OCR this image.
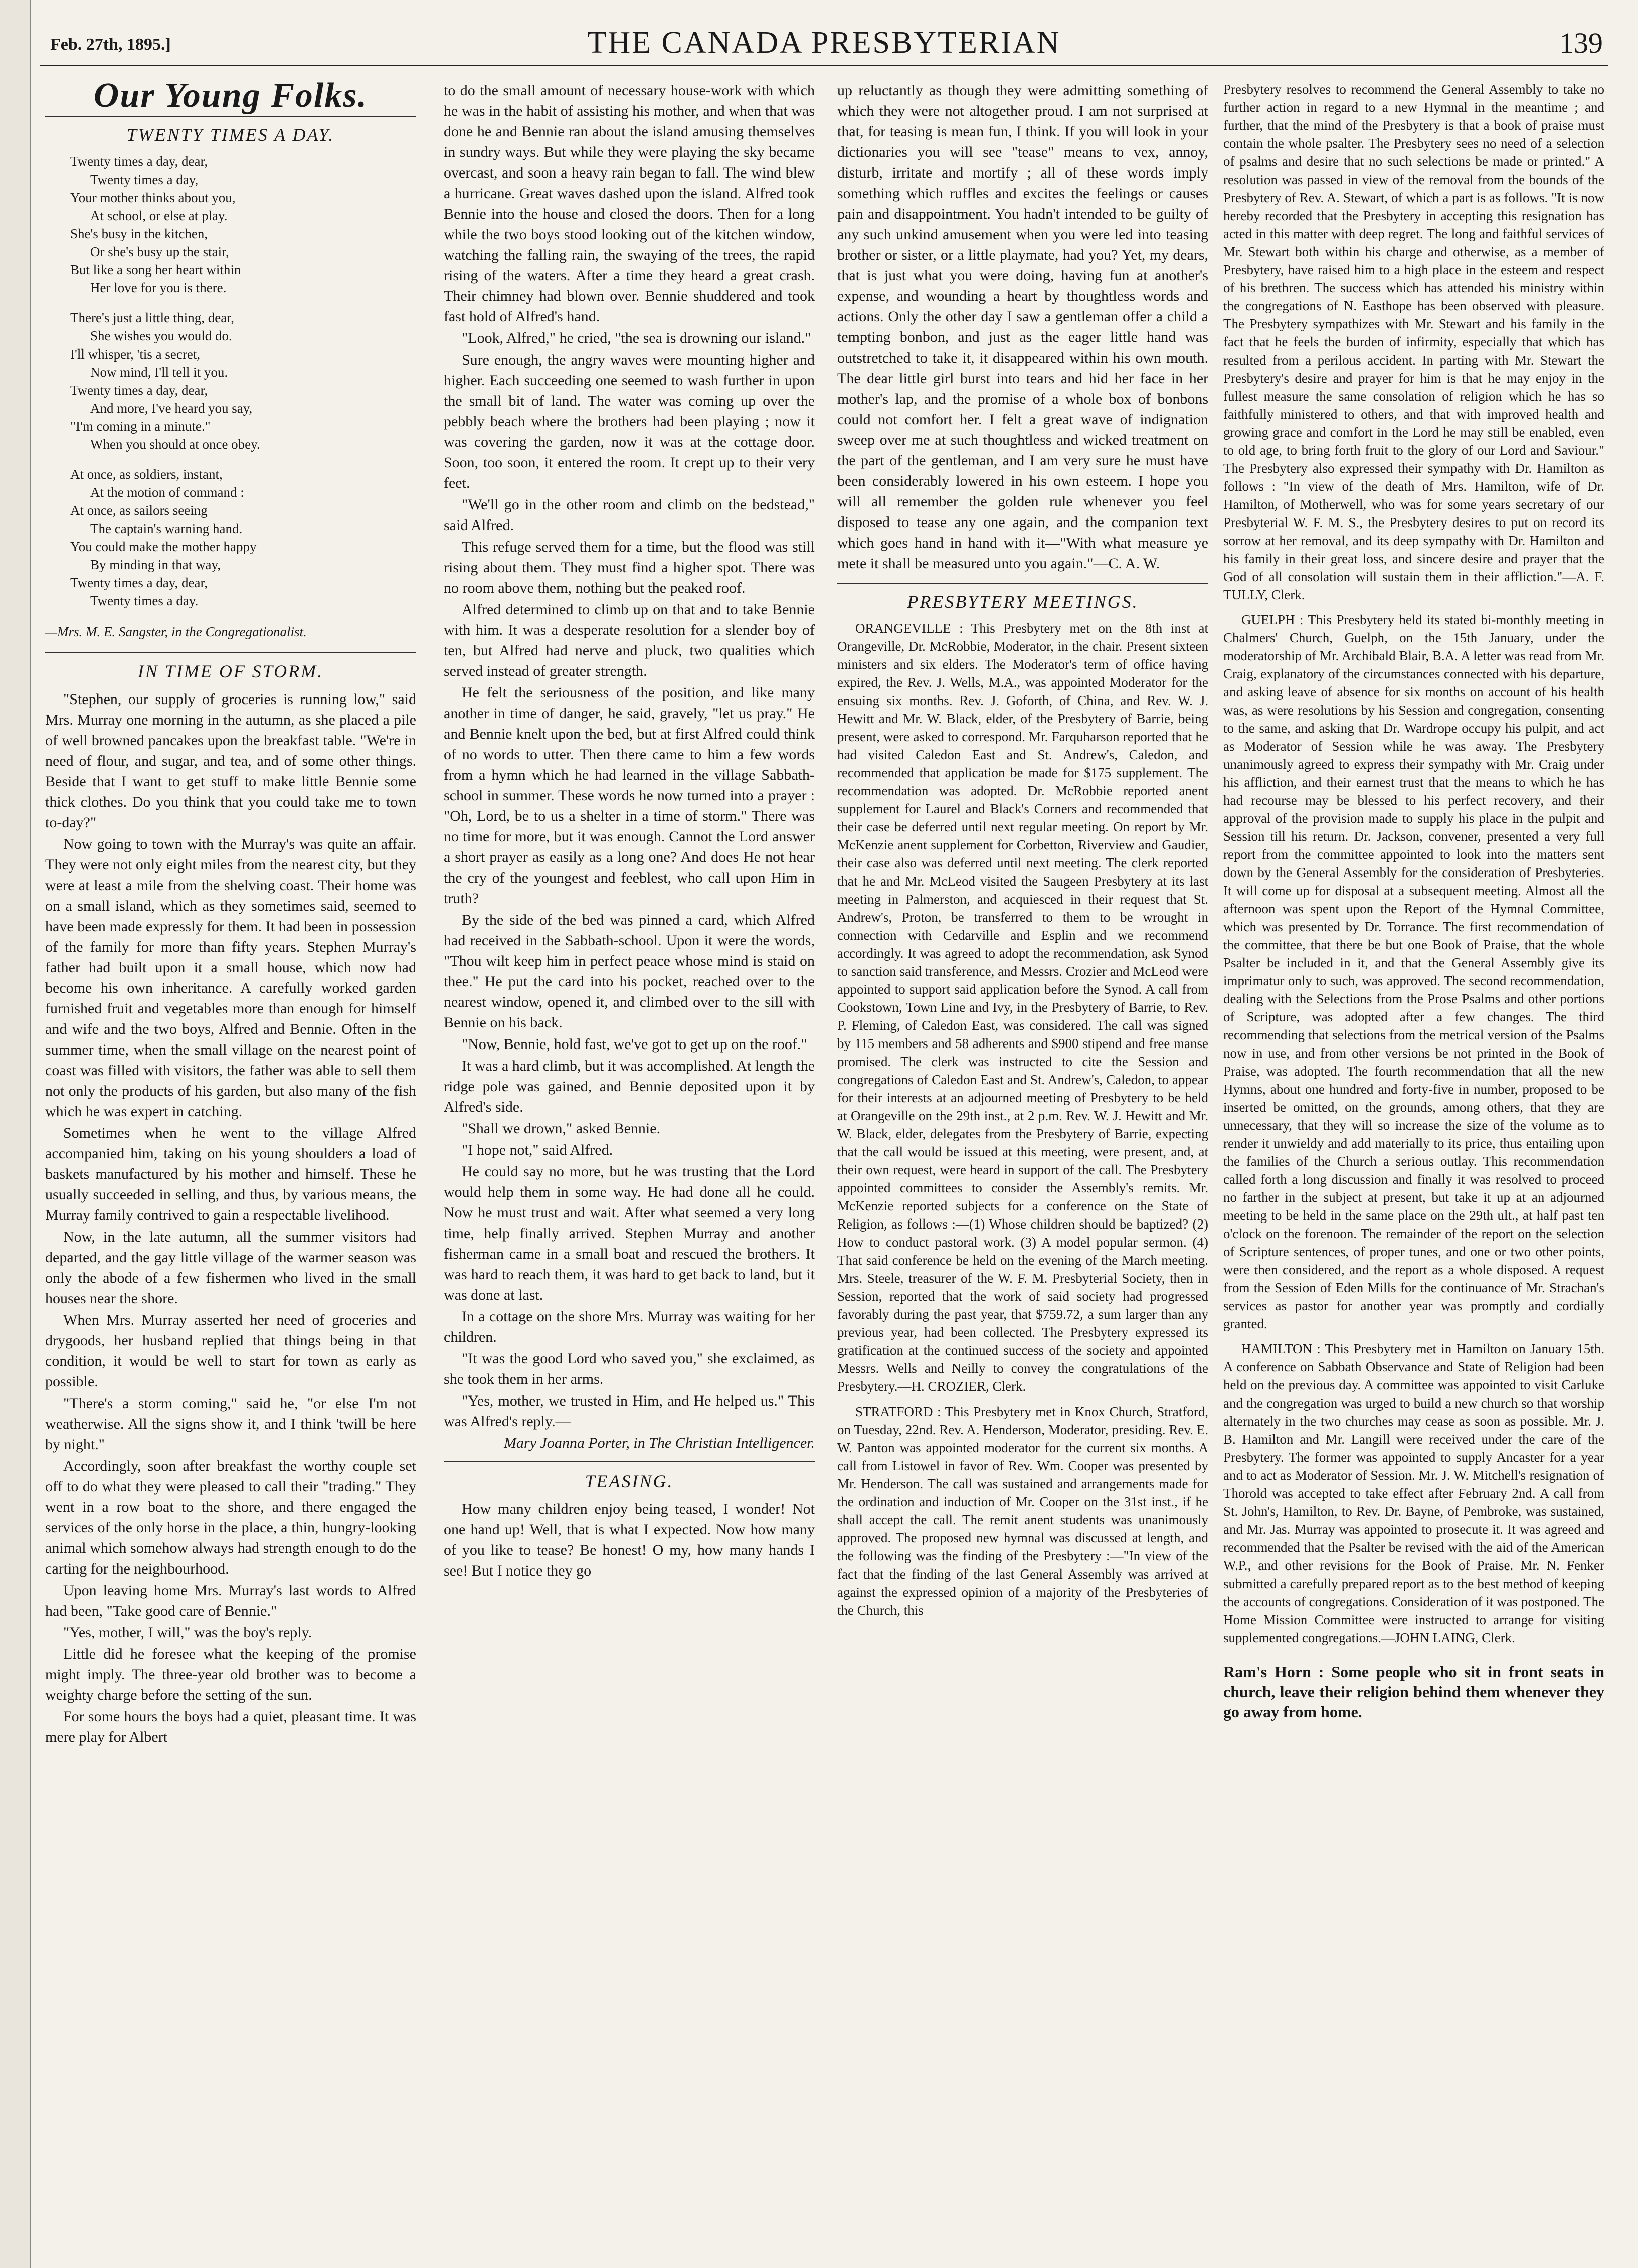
Feb. 27th, 1895.]	THE CANADA PRESBYTERIAN	139
Our Young Folks.
TWENTY TIMES A DAY.
Twenty times a day, dear,
Twenty times a day,
Your mother thinks about you,
At school, or else at play.
She's busy in the kitchen,
Or she's busy up the stair,
But like a song her heart within
Her love for you is there.
There's just a little thing, dear,
She wishes you would do.
I'll whisper, 'tis a secret,
Now mind, I'll tell it you.
Twenty times a day, dear,
And more, I've heard you say,
"I'm coming in a minute."
When you should at once obey.
At once, as soldiers, instant,
At the motion of command :
At once, as sailors seeing
The captain's warning hand.
You could make the mother happy
By minding in that way,
Twenty times a day, dear,
Twenty times a day.
—Mrs. M. E. Sangster, in the Congregationalist.
IN TIME OF STORM.

"Stephen, our supply of groceries is running low," said Mrs. Murray one morning in the autumn, as she placed a pile of well browned pancakes upon the breakfast table. "We're in need of flour, and sugar, and tea, and of some other things. Beside that I want to get stuff to make little Bennie some thick clothes. Do you think that you could take me to town to-day?"

Now going to town with the Murray's was quite an affair. They were not only eight miles from the nearest city, but they were at least a mile from the shelving coast. Their home was on a small island, which as they sometimes said, seemed to have been made expressly for them. It had been in possession of the family for more than fifty years. Stephen Murray's father had built upon it a small house, which now had become his own inheritance. A carefully worked garden furnished fruit and vegetables more than enough for himself and wife and the two boys, Alfred and Bennie. Often in the summer time, when the small village on the nearest point of coast was filled with visitors, the father was able to sell them not only the products of his garden, but also many of the fish which he was expert in catching.

Sometimes when he went to the village Alfred accompanied him, taking on his young shoulders a load of baskets manufactured by his mother and himself. These he usually succeeded in selling, and thus, by various means, the Murray family contrived to gain a respectable livelihood.

Now, in the late autumn, all the summer visitors had departed, and the gay little village of the warmer season was only the abode of a few fishermen who lived in the small houses near the shore.

When Mrs. Murray asserted her need of groceries and drygoods, her husband replied that things being in that condition, it would be well to start for town as early as possible.

"There's a storm coming," said he, "or else I'm not weatherwise. All the signs show it, and I think 'twill be here by night."

Accordingly, soon after breakfast the worthy couple set off to do what they were pleased to call their "trading." They went in a row boat to the shore, and there engaged the services of the only horse in the place, a thin, hungry-looking animal which somehow always had strength enough to do the carting for the neighbourhood.

Upon leaving home Mrs. Murray's last words to Alfred had been, "Take good care of Bennie."

"Yes, mother, I will," was the boy's reply.

Little did he foresee what the keeping of the promise might imply. The three-year old brother was to become a weighty charge before the setting of the sun.

For some hours the boys had a quiet, pleasant time. It was mere play for Albert

to do the small amount of necessary house-work with which he was in the habit of assisting his mother, and when that was done he and Bennie ran about the island amusing themselves in sundry ways. But while they were playing the sky became overcast, and soon a heavy rain began to fall. The wind blew a hurricane. Great waves dashed upon the island. Alfred took Bennie into the house and closed the doors. Then for a long while the two boys stood looking out of the kitchen window, watching the falling rain, the swaying of the trees, the rapid rising of the waters. After a time they heard a great crash. Their chimney had blown over. Bennie shuddered and took fast hold of Alfred's hand.

"Look, Alfred," he cried, "the sea is drowning our island."

Sure enough, the angry waves were mounting higher and higher. Each succeeding one seemed to wash further in upon the small bit of land. The water was coming up over the pebbly beach where the brothers had been playing ; now it was covering the garden, now it was at the cottage door. Soon, too soon, it entered the room. It crept up to their very feet.

"We'll go in the other room and climb on the bedstead," said Alfred.

This refuge served them for a time, but the flood was still rising about them. They must find a higher spot. There was no room above them, nothing but the peaked roof.

Alfred determined to climb up on that and to take Bennie with him. It was a desperate resolution for a slender boy of ten, but Alfred had nerve and pluck, two qualities which served instead of greater strength.

He felt the seriousness of the position, and like many another in time of danger, he said, gravely, "let us pray." He and Bennie knelt upon the bed, but at first Alfred could think of no words to utter. Then there came to him a few words from a hymn which he had learned in the village Sabbath-school in summer. These words he now turned into a prayer : "Oh, Lord, be to us a shelter in a time of storm." There was no time for more, but it was enough. Cannot the Lord answer a short prayer as easily as a long one? And does He not hear the cry of the youngest and feeblest, who call upon Him in truth?

By the side of the bed was pinned a card, which Alfred had received in the Sabbath-school. Upon it were the words, "Thou wilt keep him in perfect peace whose mind is staid on thee." He put the card into his pocket, reached over to the nearest window, opened it, and climbed over to the sill with Bennie on his back.

"Now, Bennie, hold fast, we've got to get up on the roof."

It was a hard climb, but it was accomplished. At length the ridge pole was gained, and Bennie deposited upon it by Alfred's side.

"Shall we drown," asked Bennie.

"I hope not," said Alfred.

He could say no more, but he was trusting that the Lord would help them in some way. He had done all he could. Now he must trust and wait. After what seemed a very long time, help finally arrived. Stephen Murray and another fisherman came in a small boat and rescued the brothers. It was hard to reach them, it was hard to get back to land, but it was done at last.

In a cottage on the shore Mrs. Murray was waiting for her children.

"It was the good Lord who saved you," she exclaimed, as she took them in her arms.

"Yes, mother, we trusted in Him, and He helped us." This was Alfred's reply.—

Mary Joanna Porter, in The Christian Intelligencer.
TEASING.

How many children enjoy being teased, I wonder! Not one hand up! Well, that is what I expected. Now how many of you like to tease? Be honest! O my, how many hands I see! But I notice they go

up reluctantly as though they were admitting something of which they were not altogether proud. I am not surprised at that, for teasing is mean fun, I think. If you will look in your dictionaries you will see "tease" means to vex, annoy, disturb, irritate and mortify ; all of these words imply something which ruffles and excites the feelings or causes pain and disappointment. You hadn't intended to be guilty of any such unkind amusement when you were led into teasing brother or sister, or a little playmate, had you? Yet, my dears, that is just what you were doing, having fun at another's expense, and wounding a heart by thoughtless words and actions. Only the other day I saw a gentleman offer a child a tempting bonbon, and just as the eager little hand was outstretched to take it, it disappeared within his own mouth. The dear little girl burst into tears and hid her face in her mother's lap, and the promise of a whole box of bonbons could not comfort her. I felt a great wave of indignation sweep over me at such thoughtless and wicked treatment on the part of the gentleman, and I am very sure he must have been considerably lowered in his own esteem. I hope you will all remember the golden rule whenever you feel disposed to tease any one again, and the companion text which goes hand in hand with it—"With what measure ye mete it shall be measured unto you again."—C. A. W.

PRESBYTERY MEETINGS.

ORANGEVILLE : This Presbytery met on the 8th inst at Orangeville, Dr. McRobbie, Moderator, in the chair. Present sixteen ministers and six elders. The Moderator's term of office having expired, the Rev. J. Wells, M.A., was appointed Moderator for the ensuing six months. Rev. J. Goforth, of China, and Rev. W. J. Hewitt and Mr. W. Black, elder, of the Presbytery of Barrie, being present, were asked to correspond. Mr. Farquharson reported that he had visited Caledon East and St. Andrew's, Caledon, and recommended that application be made for $175 supplement. The recommendation was adopted. Dr. McRobbie reported anent supplement for Laurel and Black's Corners and recommended that their case be deferred until next regular meeting. On report by Mr. McKenzie anent supplement for Corbetton, Riverview and Gaudier, their case also was deferred until next meeting. The clerk reported that he and Mr. McLeod visited the Saugeen Presbytery at its last meeting in Palmerston, and acquiesced in their request that St. Andrew's, Proton, be transferred to them to be wrought in connection with Cedarville and Esplin and we recommend accordingly. It was agreed to adopt the recommendation, ask Synod to sanction said transference, and Messrs. Crozier and McLeod were appointed to support said application before the Synod. A call from Cookstown, Town Line and Ivy, in the Presbytery of Barrie, to Rev. P. Fleming, of Caledon East, was considered. The call was signed by 115 members and 58 adherents and $900 stipend and free manse promised. The clerk was instructed to cite the Session and congregations of Caledon East and St. Andrew's, Caledon, to appear for their interests at an adjourned meeting of Presbytery to be held at Orangeville on the 29th inst., at 2 p.m. Rev. W. J. Hewitt and Mr. W. Black, elder, delegates from the Presbytery of Barrie, expecting that the call would be issued at this meeting, were present, and, at their own request, were heard in support of the call. The Presbytery appointed committees to consider the Assembly's remits. Mr. McKenzie reported subjects for a conference on the State of Religion, as follows :—(1) Whose children should be baptized? (2) How to conduct pastoral work. (3) A model popular sermon. (4) That said conference be held on the evening of the March meeting. Mrs. Steele, treasurer of the W. F. M. Presbyterial Society, then in Session, reported that the work of said society had progressed favorably during the past year, that $759.72, a sum larger than any previous year, had been collected. The Presbytery expressed its gratification at the continued success of the society and appointed Messrs. Wells and Neilly to convey the congratulations of the Presbytery.—H. CROZIER, Clerk.

STRATFORD : This Presbytery met in Knox Church, Stratford, on Tuesday, 22nd. Rev. A. Henderson, Moderator, presiding. Rev. E. W. Panton was appointed moderator for the current six months. A call from Listowel in favor of Rev. Wm. Cooper was presented by Mr. Henderson. The call was sustained and arrangements made for the ordination and induction of Mr. Cooper on the 31st inst., if he shall accept the call. The remit anent students was unanimously approved. The proposed new hymnal was discussed at length, and the following was the finding of the Presbytery :—"In view of the fact that the finding of the last General Assembly was arrived at against the expressed opinion of a majority of the Presbyteries of the Church, this

Presbytery resolves to recommend the General Assembly to take no further action in regard to a new Hymnal in the meantime ; and further, that the mind of the Presbytery is that a book of praise must contain the whole psalter. The Presbytery sees no need of a selection of psalms and desire that no such selections be made or printed." A resolution was passed in view of the removal from the bounds of the Presbytery of Rev. A. Stewart, of which a part is as follows. "It is now hereby recorded that the Presbytery in accepting this resignation has acted in this matter with deep regret. The long and faithful services of Mr. Stewart both within his charge and otherwise, as a member of Presbytery, have raised him to a high place in the esteem and respect of his brethren. The success which has attended his ministry within the congregations of N. Easthope has been observed with pleasure. The Presbytery sympathizes with Mr. Stewart and his family in the fact that he feels the burden of infirmity, especially that which has resulted from a perilous accident. In parting with Mr. Stewart the Presbytery's desire and prayer for him is that he may enjoy in the fullest measure the same consolation of religion which he has so faithfully ministered to others, and that with improved health and growing grace and comfort in the Lord he may still be enabled, even to old age, to bring forth fruit to the glory of our Lord and Saviour." The Presbytery also expressed their sympathy with Dr. Hamilton as follows : "In view of the death of Mrs. Hamilton, wife of Dr. Hamilton, of Motherwell, who was for some years secretary of our Presbyterial W. F. M. S., the Presbytery desires to put on record its sorrow at her removal, and its deep sympathy with Dr. Hamilton and his family in their great loss, and sincere desire and prayer that the God of all consolation will sustain them in their affliction."—A. F. TULLY, Clerk.

GUELPH : This Presbytery held its stated bi-monthly meeting in Chalmers' Church, Guelph, on the 15th January, under the moderatorship of Mr. Archibald Blair, B.A. A letter was read from Mr. Craig, explanatory of the circumstances connected with his departure, and asking leave of absence for six months on account of his health was, as were resolutions by his Session and congregation, consenting to the same, and asking that Dr. Wardrope occupy his pulpit, and act as Moderator of Session while he was away. The Presbytery unanimously agreed to express their sympathy with Mr. Craig under his affliction, and their earnest trust that the means to which he has had recourse may be blessed to his perfect recovery, and their approval of the provision made to supply his place in the pulpit and Session till his return. Dr. Jackson, convener, presented a very full report from the committee appointed to look into the matters sent down by the General Assembly for the consideration of Presbyteries. It will come up for disposal at a subsequent meeting. Almost all the afternoon was spent upon the Report of the Hymnal Committee, which was presented by Dr. Torrance. The first recommendation of the committee, that there be but one Book of Praise, that the whole Psalter be included in it, and that the General Assembly give its imprimatur only to such, was approved. The second recommendation, dealing with the Selections from the Prose Psalms and other portions of Scripture, was adopted after a few changes. The third recommending that selections from the metrical version of the Psalms now in use, and from other versions be not printed in the Book of Praise, was adopted. The fourth recommendation that all the new Hymns, about one hundred and forty-five in number, proposed to be inserted be omitted, on the grounds, among others, that they are unnecessary, that they will so increase the size of the volume as to render it unwieldy and add materially to its price, thus entailing upon the families of the Church a serious outlay. This recommendation called forth a long discussion and finally it was resolved to proceed no farther in the subject at present, but take it up at an adjourned meeting to be held in the same place on the 29th ult., at half past ten o'clock on the forenoon. The remainder of the report on the selection of Scripture sentences, of proper tunes, and one or two other points, were then considered, and the report as a whole disposed. A request from the Session of Eden Mills for the continuance of Mr. Strachan's services as pastor for another year was promptly and cordially granted.

HAMILTON : This Presbytery met in Hamilton on January 15th. A conference on Sabbath Observance and State of Religion had been held on the previous day. A committee was appointed to visit Carluke and the congregation was urged to build a new church so that worship alternately in the two churches may cease as soon as possible. Mr. J. B. Hamilton and Mr. Langill were received under the care of the Presbytery. The former was appointed to supply Ancaster for a year and to act as Moderator of Session. Mr. J. W. Mitchell's resignation of Thorold was accepted to take effect after February 2nd. A call from St. John's, Hamilton, to Rev. Dr. Bayne, of Pembroke, was sustained, and Mr. Jas. Murray was appointed to prosecute it. It was agreed and recommended that the Psalter be revised with the aid of the American W.P., and other revisions for the Book of Praise. Mr. N. Fenker submitted a carefully prepared report as to the best method of keeping the accounts of congregations. Consideration of it was postponed. The Home Mission Committee were instructed to arrange for visiting supplemented congregations.—JOHN LAING, Clerk.

Ram's Horn : Some people who sit in front seats in church, leave their religion behind them whenever they go away from home.
